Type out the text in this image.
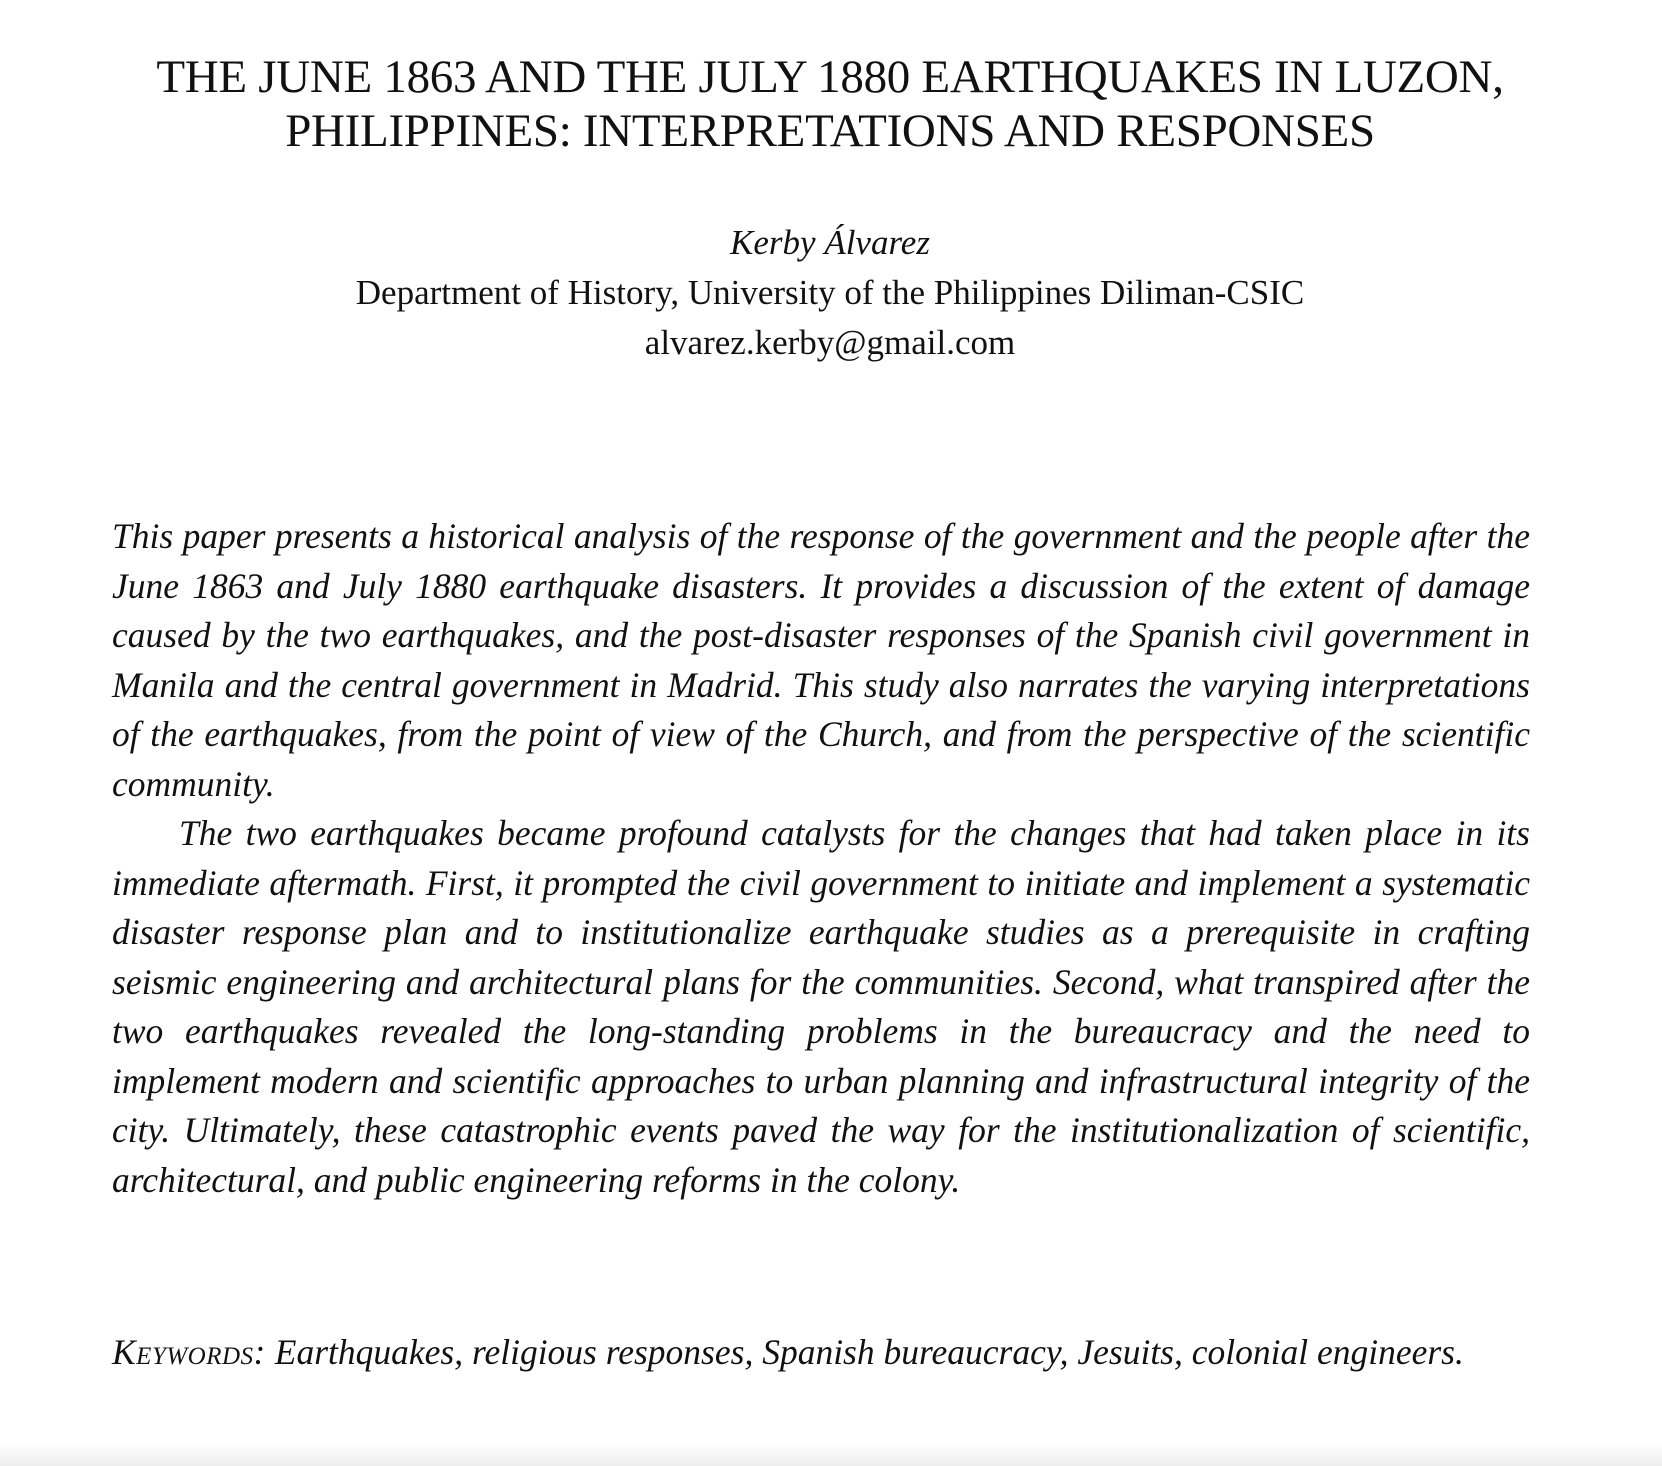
THE JUNE 1863 AND THE JULY 1880 EARTHQUAKES IN LUZON,
PHILIPPINES: INTERPRETATIONS AND RESPONSES
Kerby Álvarez
Department of History, University of the Philippines Diliman-CSIC
alvarez.kerby@gmail.com

This paper presents a historical analysis of the response of the government and the people after the June 1863 and July 1880 earthquake disasters. It provides a discussion of the extent of damage caused by the two earthquakes, and the post-disaster responses of the Spanish civil government in Manila and the central government in Madrid. This study also narrates the varying interpretations of the earthquakes, from the point of view of the Church, and from the perspective of the scientific community.

The two earthquakes became profound catalysts for the changes that had taken place in its immediate aftermath. First, it prompted the civil government to initiate and implement a systematic disaster response plan and to institutionalize earthquake studies as a prerequisite in crafting seismic engineering and architectural plans for the communities. Second, what transpired after the two earthquakes revealed the long-standing problems in the bureaucracy and the need to implement modern and scientific approaches to urban planning and infrastructural integrity of the city. Ultimately, these catastrophic events paved the way for the institutionalization of scientific, architectural, and public engineering reforms in the colony.

Keywords: Earthquakes, religious responses, Spanish bureaucracy, Jesuits, colonial engineers.
